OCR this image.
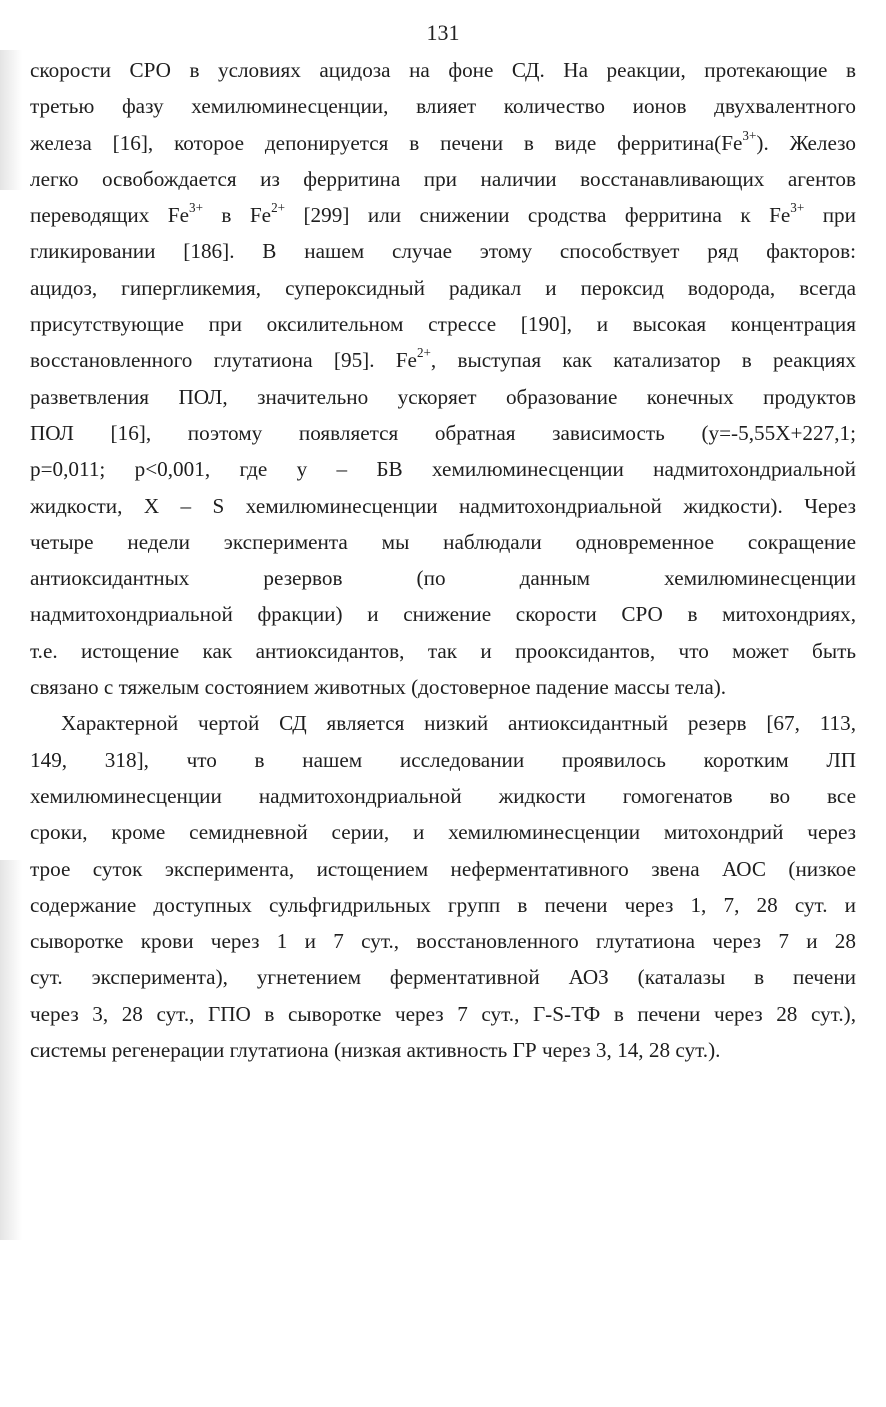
131
скорости СРО в условиях ацидоза на фоне СД. На реакции, протекающие в
третью фазу хемилюминесценции, влияет количество ионов двухвалентного
железа [16], которое депонируется в печени в виде $ферритина(Fe^{3+})$. Железо
легко освобождается из ферритина при наличии восстанавливающих агентов
переводящих $Fe^{3+}$ в $Fe^{2+}$ [299] или снижении сродства ферритина к $Fe^{3+}$ при
гликировании [186]. В нашем случае этому способствует ряд факторов:
ацидоз, гипергликемия, супероксидный радикал и пероксид водорода, всегда
присутствующие при оксилительном стрессе [190], и высокая концентрация
восстановленного глутатиона [95]. $Fe^{2+}$, выступая как катализатор в реакциях
разветвления ПОЛ, значительно ускоряет образование конечных продуктов
ПОЛ [16], поэтому появляется обратная зависимость (y=-5,55X+227,1;
p=0,011; p<0,001, где y – БВ хемилюминесценции надмитохондриальной
жидкости, X – S хемилюминесценции надмитохондриальной жидкости). Через
четыре недели эксперимента мы наблюдали одновременное сокращение
антиоксидантных резервов (по данным хемилюминесценции
надмитохондриальной фракции) и снижение скорости СРО в митохондриях,
т.е. истощение как антиоксидантов, так и прооксидантов, что может быть
связано с тяжелым состоянием животных (достоверное падение массы тела).
Характерной чертой СД является низкий антиоксидантный резерв [67, 113,
149, 318], что в нашем исследовании проявилось коротким ЛП
хемилюминесценции надмитохондриальной жидкости гомогенатов во все
сроки, кроме семидневной серии, и хемилюминесценции митохондрий через
трое суток эксперимента, истощением неферментативного звена АОС (низкое
содержание доступных сульфгидрильных групп в печени через 1, 7, 28 сут. и
сыворотке крови через 1 и 7 сут., восстановленного глутатиона через 7 и 28
сут. эксперимента), угнетением ферментативной АОЗ (каталазы в печени
через 3, 28 сут., ГПО в сыворотке через 7 сут., Г-S-ТФ в печени через 28 сут.),
системы регенерации глутатиона (низкая активность ГР через 3, 14, 28 сут.).
